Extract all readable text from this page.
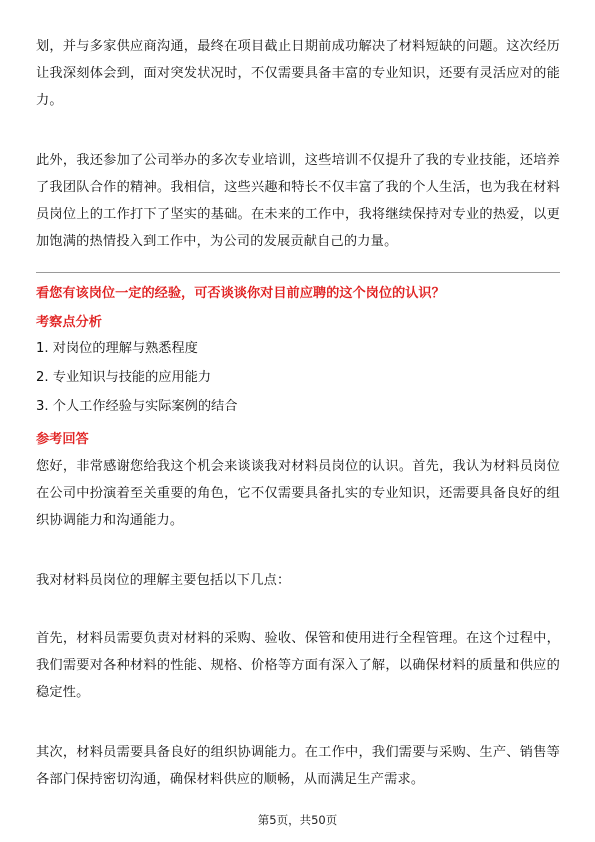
划，并与多家供应商沟通，最终在项目截止日期前成功解决了材料短缺的问题。这次经历让我深刻体会到，面对突发状况时，不仅需要具备丰富的专业知识，还要有灵活应对的能力。

此外，我还参加了公司举办的多次专业培训，这些培训不仅提升了我的专业技能，还培养了我团队合作的精神。我相信，这些兴趣和特长不仅丰富了我的个人生活，也为我在材料员岗位上的工作打下了坚实的基础。在未来的工作中，我将继续保持对专业的热爱，以更加饱满的热情投入到工作中，为公司的发展贡献自己的力量。

看您有该岗位一定的经验，可否谈谈你对目前应聘的这个岗位的认识？

考察点分析

1. 对岗位的理解与熟悉程度

2. 专业知识与技能的应用能力

3. 个人工作经验与实际案例的结合

参考回答

您好，非常感谢您给我这个机会来谈谈我对材料员岗位的认识。首先，我认为材料员岗位在公司中扮演着至关重要的角色，它不仅需要具备扎实的专业知识，还需要具备良好的组织协调能力和沟通能力。

我对材料员岗位的理解主要包括以下几点：

首先，材料员需要负责对材料的采购、验收、保管和使用进行全程管理。在这个过程中，我们需要对各种材料的性能、规格、价格等方面有深入了解，以确保材料的质量和供应的稳定性。

其次，材料员需要具备良好的组织协调能力。在工作中，我们需要与采购、生产、销售等各部门保持密切沟通，确保材料供应的顺畅，从而满足生产需求。

第5页，共50页
